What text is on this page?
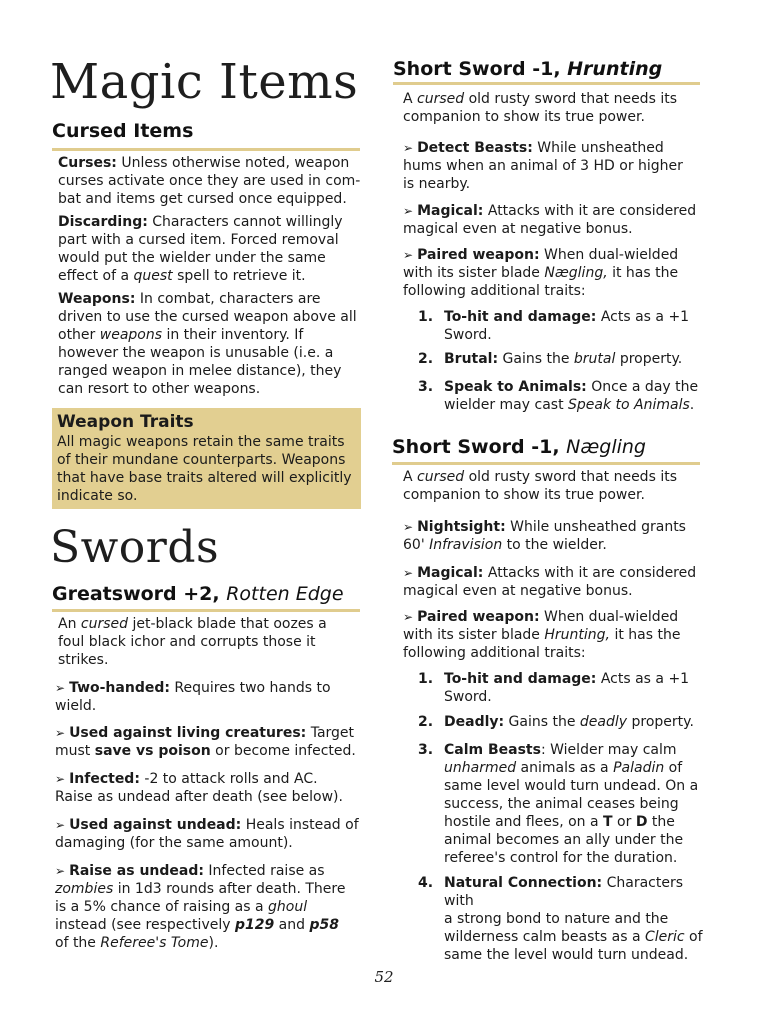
Magic Items
Cursed Items
Curses: Unless otherwise noted, weapon
curses activate once they are used in com-
bat and items get cursed once equipped.
Discarding: Characters cannot willingly
part with a cursed item. Forced removal
would put the wielder under the same
effect of a quest spell to retrieve it.
Weapons: In combat, characters are
driven to use the cursed weapon above all
other weapons in their inventory. If
however the weapon is unusable (i.e. a
ranged weapon in melee distance), they
can resort to other weapons.
Weapon Traits
All magic weapons retain the same traits
of their mundane counterparts. Weapons
that have base traits altered will explicitly
indicate so.
Swords
Greatsword +2, Rotten Edge
An cursed jet-black blade that oozes a
foul black ichor and corrupts those it
strikes.
➢ Two-handed: Requires two hands to
wield.
➢ Used against living creatures: Target
must save vs poison or become infected.
➢ Infected: -2 to attack rolls and AC.
Raise as undead after death (see below).
➢ Used against undead: Heals instead of
damaging (for the same amount).
➢ Raise as undead: Infected raise as
zombies in 1d3 rounds after death. There
is a 5% chance of raising as a ghoul
instead (see respectively p129 and p58
of the Referee's Tome).
Short Sword -1, Hrunting
A cursed old rusty sword that needs its
companion to show its true power.
➢ Detect Beasts: While unsheathed
hums when an animal of 3 HD or higher
is nearby.
➢ Magical: Attacks with it are considered
magical even at negative bonus.
➢ Paired weapon: When dual-wielded
with its sister blade Nægling, it has the
following additional traits:
1. To-hit and damage: Acts as a +1
Sword.
2. Brutal: Gains the brutal property.
3. Speak to Animals: Once a day the
wielder may cast Speak to Animals.
Short Sword -1, Nægling
A cursed old rusty sword that needs its
companion to show its true power.
➢ Nightsight: While unsheathed grants
60' Infravision to the wielder.
➢ Magical: Attacks with it are considered
magical even at negative bonus.
➢ Paired weapon: When dual-wielded
with its sister blade Hrunting, it has the
following additional traits:
1. To-hit and damage: Acts as a +1
Sword.
2. Deadly: Gains the deadly property.
3. Calm Beasts: Wielder may calm
unharmed animals as a Paladin of
same level would turn undead. On a
success, the animal ceases being
hostile and flees, on a T or D the
animal becomes an ally under the
referee's control for the duration.
4. Natural Connection: Characters with
a strong bond to nature and the
wilderness calm beasts as a Cleric of
same the level would turn undead.
52
